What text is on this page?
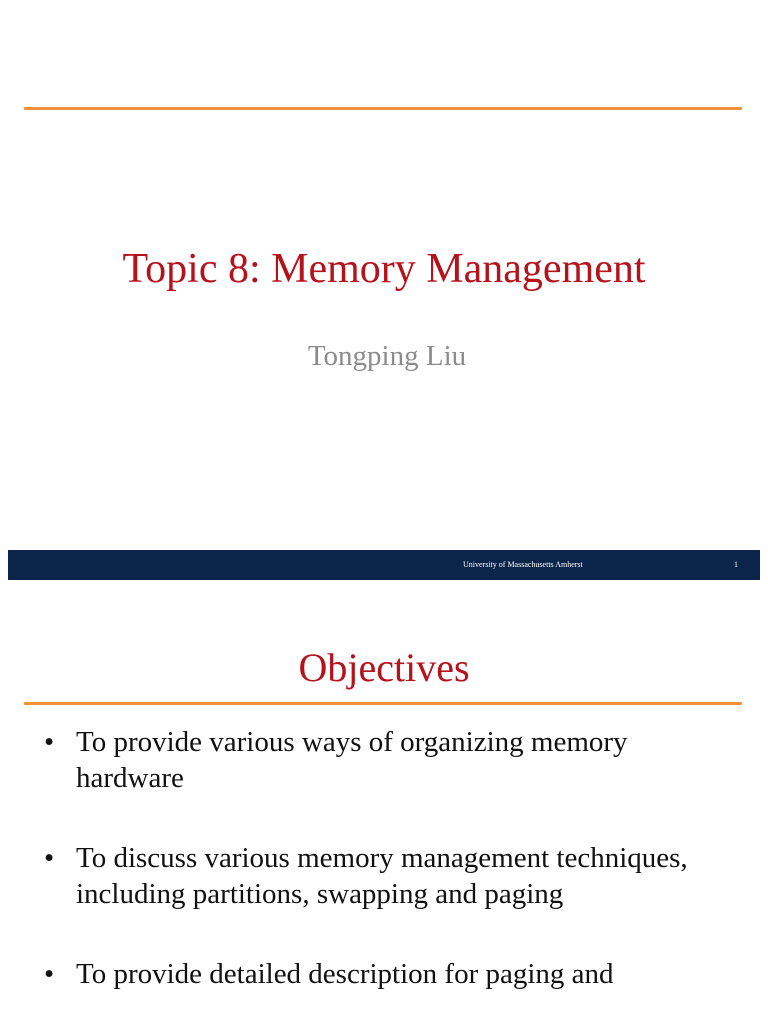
Topic 8: Memory Management
Tongping Liu
University of Massachusetts Amherst	1
Objectives
• To provide various ways of organizing memory hardware
• To discuss various memory management techniques, including partitions, swapping and paging
• To provide detailed description for paging and
